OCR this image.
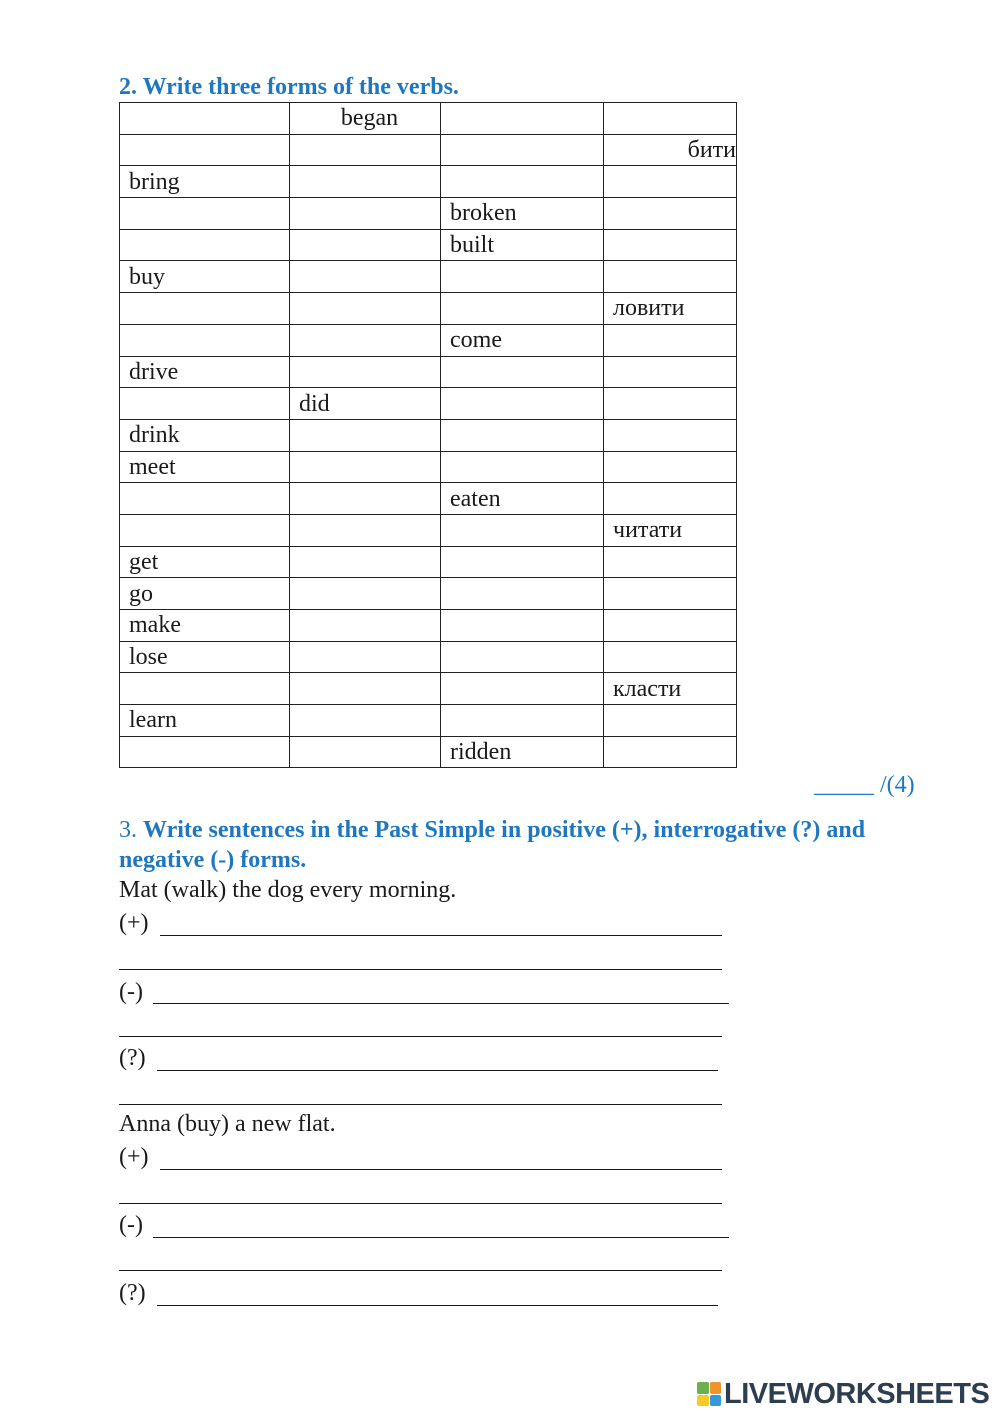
2. Write three forms of the verbs.
	began		
			бити
bring			
		broken	
		built	
buy			
			ловити
		come	
drive			
	did		
drink			
meet			
		eaten	
			читати
get			
go			
make			
lose			
			класти
learn			
		ridden	
_____ /(4)
3. Write sentences in the Past Simple in positive (+), interrogative (?) and negative (-) forms.
Mat (walk) the dog every morning.
(+)
(-)
(?)
Anna (buy) a new flat.
(+)
(-)
(?)
LIVEWORKSHEETS
